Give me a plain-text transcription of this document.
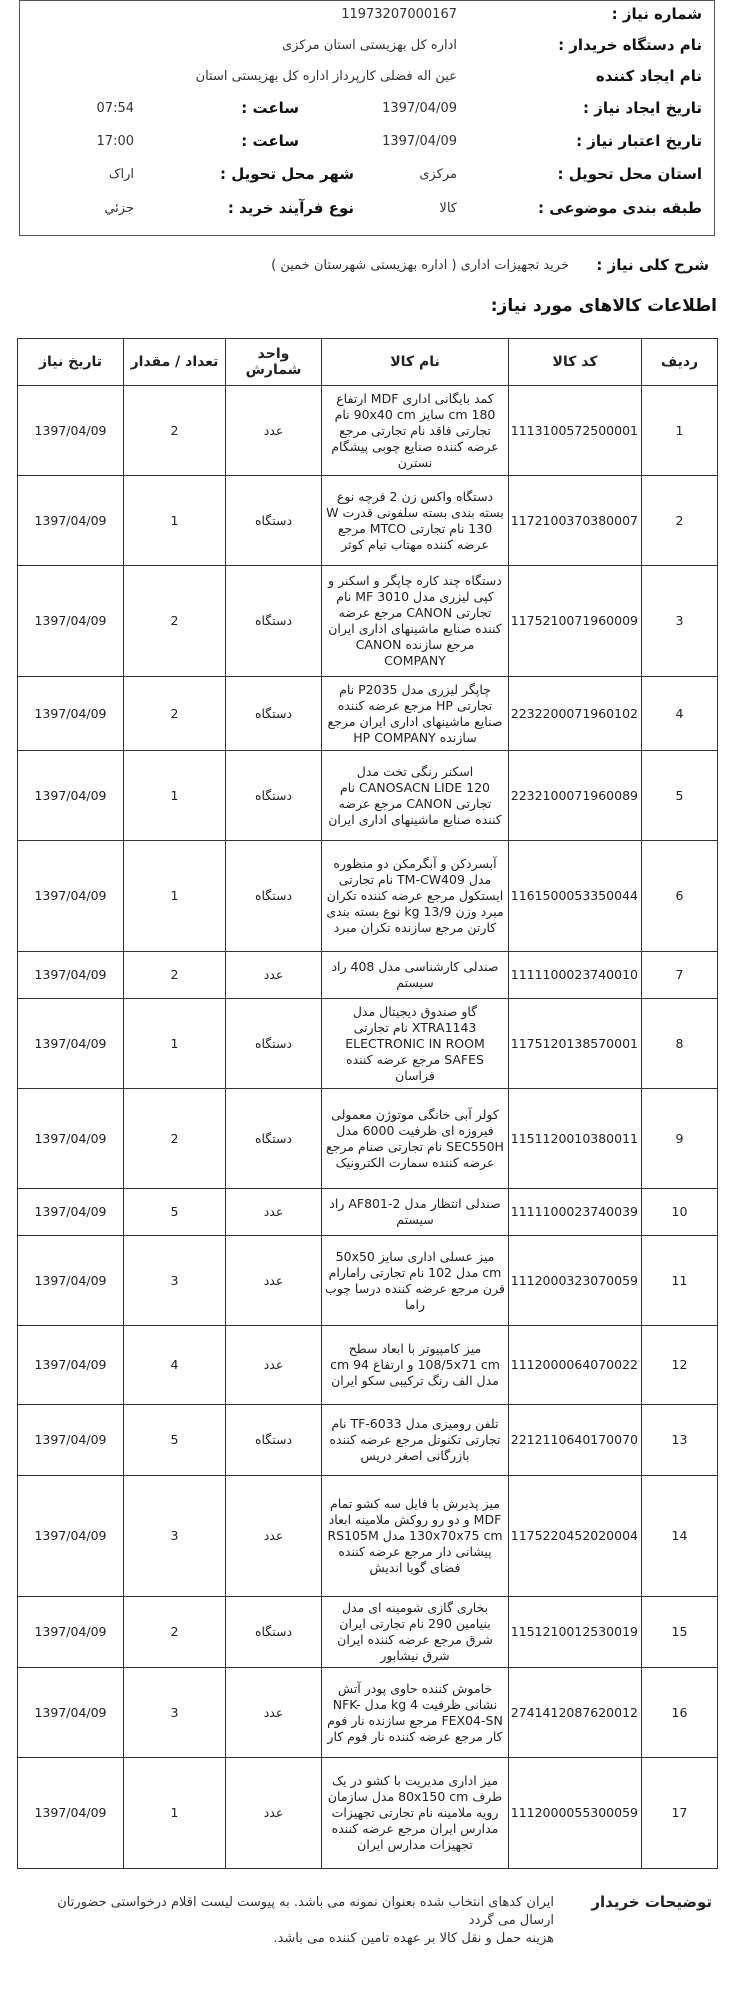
شماره نیاز :
11973207000167
نام دستگاه خریدار :
اداره کل بهزیستی استان مرکزی
نام ایجاد کننده
عین اله فضلی کارپرداز اداره کل بهزیستی استان
تاریخ ایجاد نیاز :
1397/04/09
ساعت :
07:54
تاریخ اعتبار نیاز :
1397/04/09
ساعت :
17:00
استان محل تحویل :
مرکزی
شهر محل تحویل :
اراک
طبقه بندی موضوعی :
کالا
نوع فرآیند خرید :
جزئي
شرح کلی نیاز :
خرید تجهیزات اداری ( اداره بهزیستی شهرستان خمین )
اطلاعات کالاهای مورد نیاز:
ردیف	کد کالا	نام کالا	واحد شمارش	تعداد / مقدار	تاریخ نیاز
1	1113100572500001	کمد بایگانی اداری MDF ارتفاع 180 cm سایز 90x40 cm نام تجارتی فاقد نام تجارتی مرجع عرضه کننده صنایع چوبی پیشگام نسترن	عدد	2	1397/04/09
2	1172100370380007	دستگاه واکس زن 2 فرچه نوع بسته بندی بسته سلفونی قدرت W 130 نام تجارتی MTCO مرجع عرضه کننده مهتاب تیام کوثر	دستگاه	1	1397/04/09
3	1175210071960009	دستگاه چند کاره چاپگر و اسکنر و کپی لیزری مدل MF 3010 نام تجارتی CANON مرجع عرضه کننده صنایع ماشینهای اداری ایران مرجع سازنده CANON COMPANY	دستگاه	2	1397/04/09
4	2232200071960102	چاپگر لیزری مدل P2035 نام تجارتی HP مرجع عرضه کننده صنایع ماشینهای اداری ایران مرجع سازنده HP COMPANY	دستگاه	2	1397/04/09
5	2232100071960089	اسکنر رنگی تخت مدل CANOSACN LIDE 120 نام تجارتی CANON مرجع عرضه کننده صنایع ماشینهای اداری ایران	دستگاه	1	1397/04/09
6	1161500053350044	آبسردکن و آبگرمکن دو منظوره مدل TM-CW409 نام تجارتی ایستکول مرجع عرضه کننده تکران مبرد وزن kg 13/9 نوع بسته بندی کارتن مرجع سازنده تکران مبرد	دستگاه	1	1397/04/09
7	1111100023740010	صندلی کارشناسی مدل 408 راد سیستم	عدد	2	1397/04/09
8	1175120138570001	گاو صندوق دیجیتال مدل XTRA1143 نام تجارتی ELECTRONIC IN ROOM SAFES مرجع عرضه کننده فراسان	دستگاه	1	1397/04/09
9	1151120010380011	کولر آبی خانگی موتوژن معمولی فیروزه ای ظرفیت 6000 مدل SEC550H نام تجارتی صنام مرجع عرضه کننده سمارت الکترونیک	دستگاه	2	1397/04/09
10	1111100023740039	صندلی انتظار مدل AF801-2 راد سیستم	عدد	5	1397/04/09
11	1112000323070059	میز عسلی اداری سایز 50x50 cm مدل 102 نام تجارتی رامارام قرن مرجع عرضه کننده درسا چوب راما	عدد	3	1397/04/09
12	1112000064070022	میز کامپیوتر با ابعاد سطح 108/5x71 cm و ارتفاع cm 94 مدل الف رنگ ترکیبی سکو ایران	عدد	4	1397/04/09
13	2212110640170070	تلفن رومیزی مدل TF-6033 نام تجارتی تکنوتل مرجع عرضه کننده بازرگانی اصغر دریس	دستگاه	5	1397/04/09
14	1175220452020004	میز پذیرش با فایل سه کشو تمام MDF و دو رو روکش ملامینه ابعاد 130x70x75 cm مدل RS105M پیشانی دار مرجع عرضه کننده فضای گویا اندیش	عدد	3	1397/04/09
15	1151210012530019	بخاری گازی شومینه ای مدل بنیامین 290 نام تجارتی ایران شرق مرجع عرضه کننده ایران شرق نیشابور	دستگاه	2	1397/04/09
16	2741412087620012	خاموش کننده حاوی پودر آتش نشانی ظرفیت kg 4 مدل NFK-FEX04-SN مرجع سازنده نار فوم کار مرجع عرضه کننده نار فوم کار	عدد	3	1397/04/09
17	1112000055300059	میز اداری مدیریت با کشو در یک طرف 80x150 cm مدل سازمان رویه ملامینه نام تجارتی تجهیزات مدارس ایران مرجع عرضه کننده تجهیزات مدارس ایران	عدد	1	1397/04/09
توضیحات خریدار
ایران کدهای انتخاب شده بعنوان نمونه می باشد. به پیوست لیست اقلام درخواستی حضورتان
ارسال می گردد
هزینه حمل و نقل کالا بر عهده تامین کننده می باشد.
